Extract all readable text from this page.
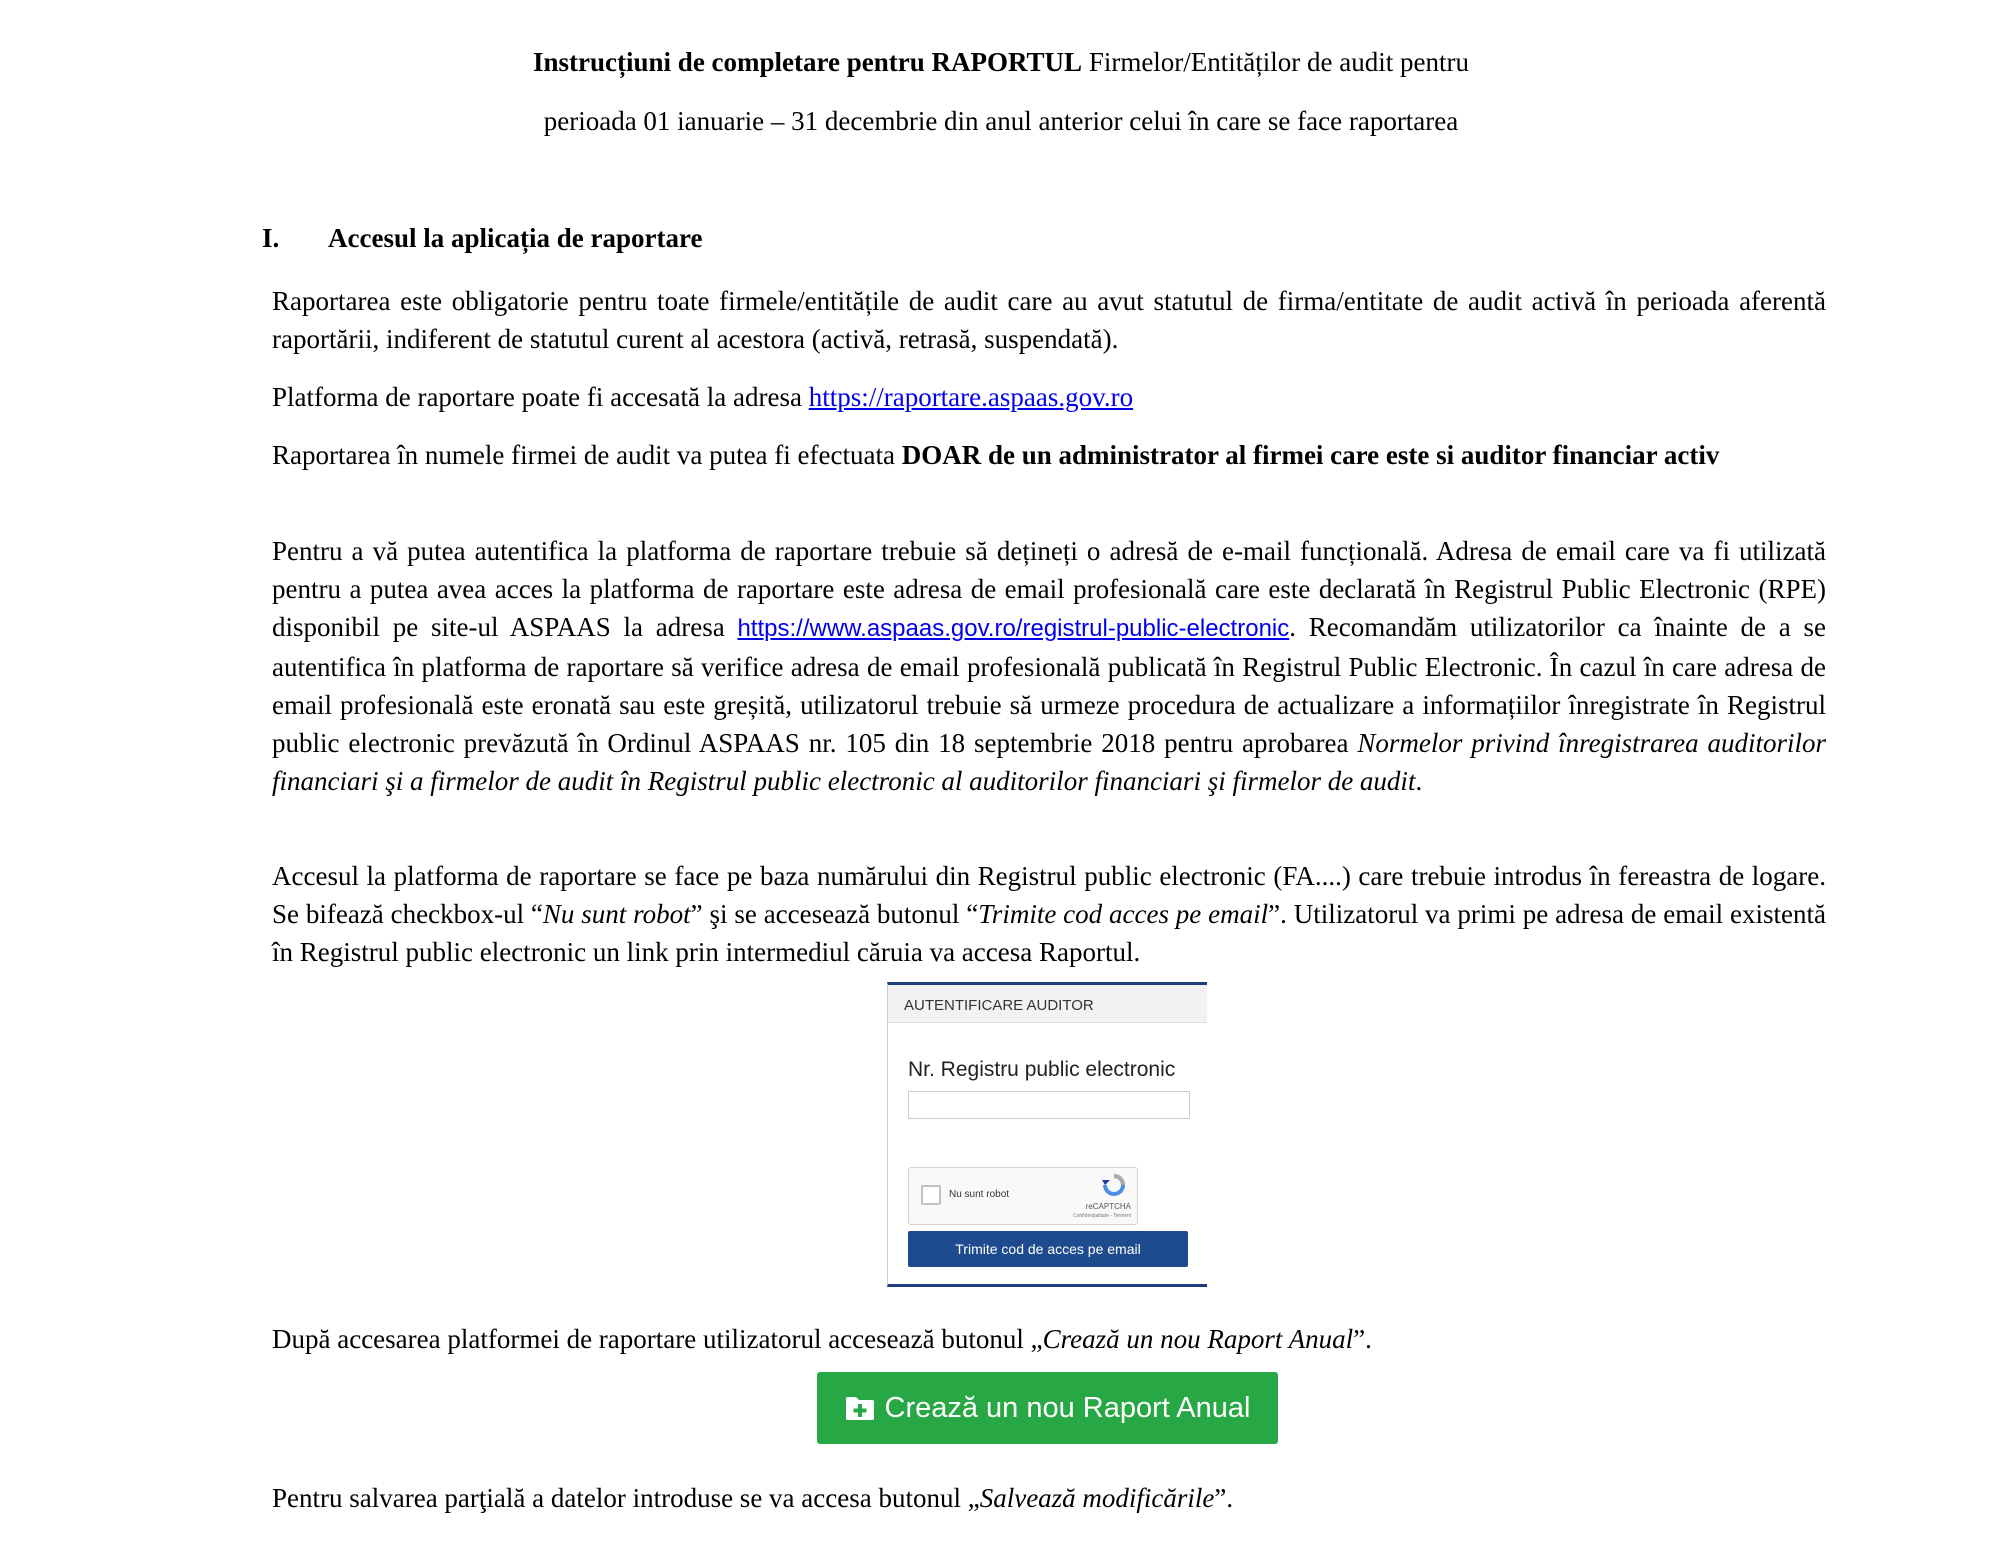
Instrucțiuni de completare pentru RAPORTUL Firmelor/Entităților de audit pentru
perioada 01 ianuarie – 31 decembrie din anul anterior celui în care se face raportarea
I. Accesul la aplicația de raportare
Raportarea este obligatorie pentru toate firmele/entitățile de audit care au avut statutul de firma/entitate de audit activă în perioada aferentă raportării, indiferent de statutul curent al acestora (activă, retrasă, suspendată).
Platforma de raportare poate fi accesată la adresa https://raportare.aspaas.gov.ro
Raportarea în numele firmei de audit va putea fi efectuata DOAR de un administrator al firmei care este si auditor financiar activ
Pentru a vă putea autentifica la platforma de raportare trebuie să dețineți o adresă de e-mail funcțională. Adresa de email care va fi utilizată pentru a putea avea acces la platforma de raportare este adresa de email profesională care este declarată în Registrul Public Electronic (RPE) disponibil pe site-ul ASPAAS la adresa https://www.aspaas.gov.ro/registrul-public-electronic. Recomandăm utilizatorilor ca înainte de a se autentifica în platforma de raportare să verifice adresa de email profesională publicată în Registrul Public Electronic. În cazul în care adresa de email profesională este eronată sau este greșită, utilizatorul trebuie să urmeze procedura de actualizare a informațiilor înregistrate în Registrul public electronic prevăzută în Ordinul ASPAAS nr. 105 din 18 septembrie 2018 pentru aprobarea Normelor privind înregistrarea auditorilor financiari şi a firmelor de audit în Registrul public electronic al auditorilor financiari şi firmelor de audit.
Accesul la platforma de raportare se face pe baza numărului din Registrul public electronic (FA....) care trebuie introdus în fereastra de logare. Se bifează checkbox-ul “Nu sunt robot” şi se accesează butonul “Trimite cod acces pe email”. Utilizatorul va primi pe adresa de email existentă în Registrul public electronic un link prin intermediul căruia va accesa Raportul.
AUTENTIFICARE AUDITOR
Nr. Registru public electronic
Nu sunt robot
reCAPTCHA
Confidențialitate - Termeni
Trimite cod de acces pe email
După accesarea platformei de raportare utilizatorul accesează butonul „Crează un nou Raport Anual”.
Crează un nou Raport Anual
Pentru salvarea parţială a datelor introduse se va accesa butonul „Salvează modificările”.
